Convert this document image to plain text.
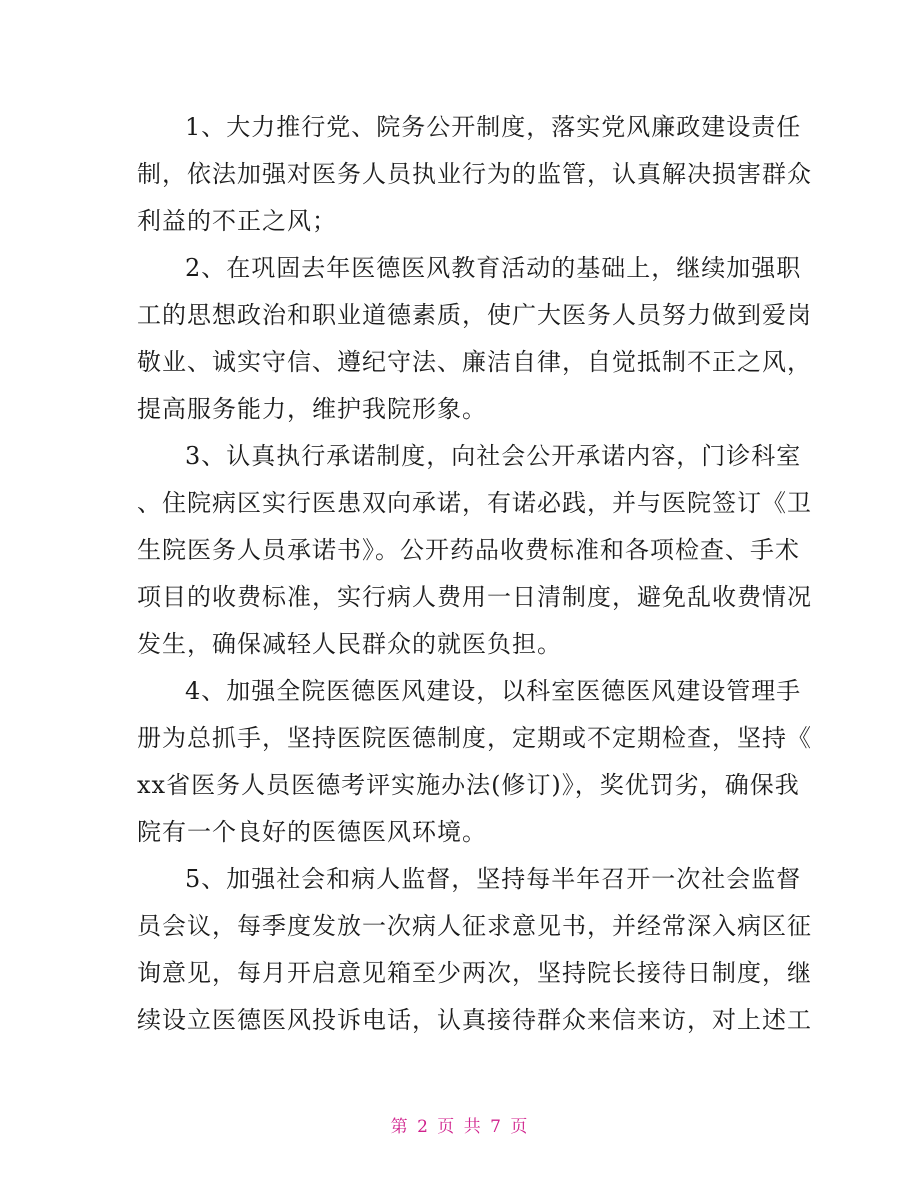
1、大力推行党、院务公开制度，落实党风廉政建设责任
制，依法加强对医务人员执业行为的监管，认真解决损害群众
利益的不正之风；

2、在巩固去年医德医风教育活动的基础上，继续加强职
工的思想政治和职业道德素质，使广大医务人员努力做到爱岗
敬业、诚实守信、遵纪守法、廉洁自律，自觉抵制不正之风，
提高服务能力，维护我院形象。

3、认真执行承诺制度，向社会公开承诺内容，门诊科室
、住院病区实行医患双向承诺，有诺必践，并与医院签订《卫
生院医务人员承诺书》。公开药品收费标准和各项检查、手术
项目的收费标准，实行病人费用一日清制度，避免乱收费情况
发生，确保减轻人民群众的就医负担。

4、加强全院医德医风建设，以科室医德医风建设管理手
册为总抓手，坚持医院医德制度，定期或不定期检查，坚持《
xx省医务人员医德考评实施办法(修订)》，奖优罚劣，确保我
院有一个良好的医德医风环境。

5、加强社会和病人监督，坚持每半年召开一次社会监督
员会议，每季度发放一次病人征求意见书，并经常深入病区征
询意见，每月开启意见箱至少两次，坚持院长接待日制度，继
续设立医德医风投诉电话，认真接待群众来信来访，对上述工

第 2 页 共 7 页
